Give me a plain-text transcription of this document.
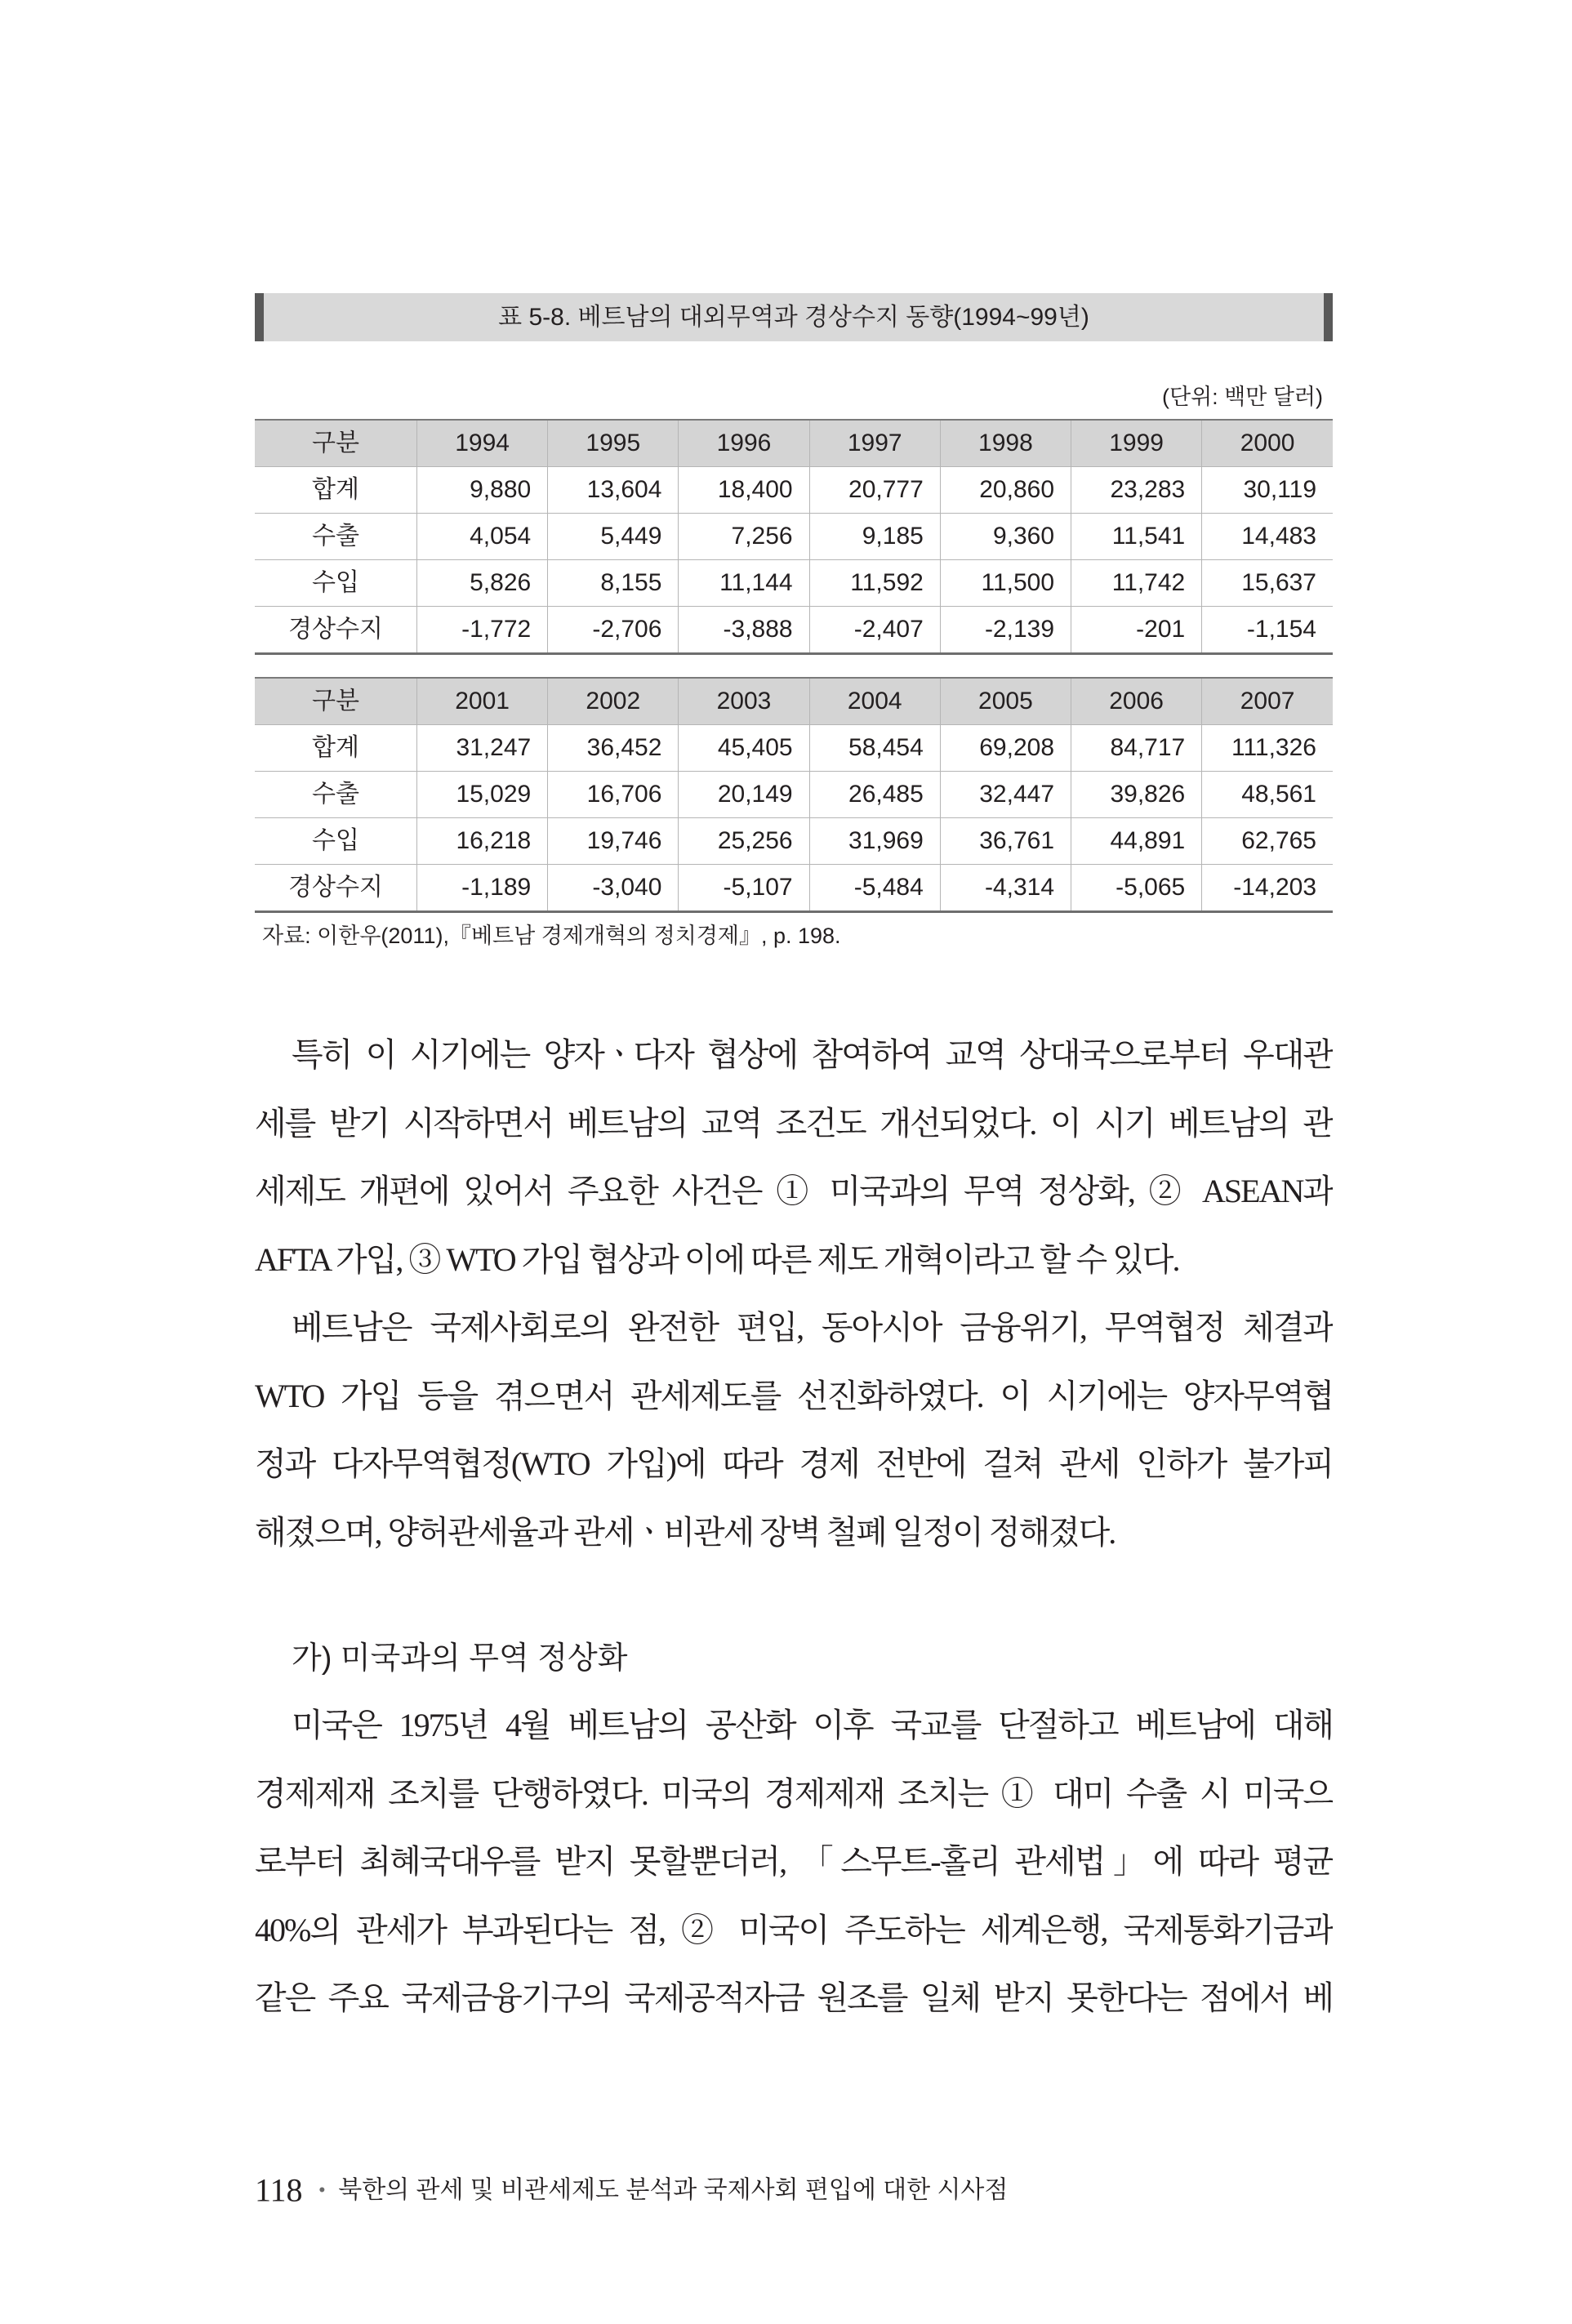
표 5-8. 베트남의 대외무역과 경상수지 동향(1994~99년)
(단위: 백만 달러)
구분	1994	1995	1996	1997	1998	1999	2000
합계	9,880	13,604	18,400	20,777	20,860	23,283	30,119
수출	4,054	5,449	7,256	9,185	9,360	11,541	14,483
수입	5,826	8,155	11,144	11,592	11,500	11,742	15,637
경상수지	-1,772	-2,706	-3,888	-2,407	-2,139	-201	-1,154
구분	2001	2002	2003	2004	2005	2006	2007
합계	31,247	36,452	45,405	58,454	69,208	84,717	111,326
수출	15,029	16,706	20,149	26,485	32,447	39,826	48,561
수입	16,218	19,746	25,256	31,969	36,761	44,891	62,765
경상수지	-1,189	-3,040	-5,107	-5,484	-4,314	-5,065	-14,203
자료: 이한우(2011),『베트남 경제개혁의 정치경제』, p. 198.
특히 이 시기에는 양자ㆍ다자 협상에 참여하여 교역 상대국으로부터 우대관
세를 받기 시작하면서 베트남의 교역 조건도 개선되었다. 이 시기 베트남의 관
세제도 개편에 있어서 주요한 사건은 ① 미국과의 무역 정상화, ② ASEAN과
AFTA 가입, ③ WTO 가입 협상과 이에 따른 제도 개혁이라고 할 수 있다.
베트남은 국제사회로의 완전한 편입, 동아시아 금융위기, 무역협정 체결과
WTO 가입 등을 겪으면서 관세제도를 선진화하였다. 이 시기에는 양자무역협
정과 다자무역협정(WTO 가입)에 따라 경제 전반에 걸쳐 관세 인하가 불가피
해졌으며, 양허관세율과 관세ㆍ비관세 장벽 철폐 일정이 정해졌다.
가) 미국과의 무역 정상화
미국은 1975년 4월 베트남의 공산화 이후 국교를 단절하고 베트남에 대해
경제제재 조치를 단행하였다. 미국의 경제제재 조치는 ① 대미 수출 시 미국으
로부터 최혜국대우를 받지 못할뿐더러, 「스무트-홀리 관세법」에 따라 평균
40%의 관세가 부과된다는 점, ② 미국이 주도하는 세계은행, 국제통화기금과
같은 주요 국제금융기구의 국제공적자금 원조를 일체 받지 못한다는 점에서 베
118 • 북한의 관세 및 비관세제도 분석과 국제사회 편입에 대한 시사점
